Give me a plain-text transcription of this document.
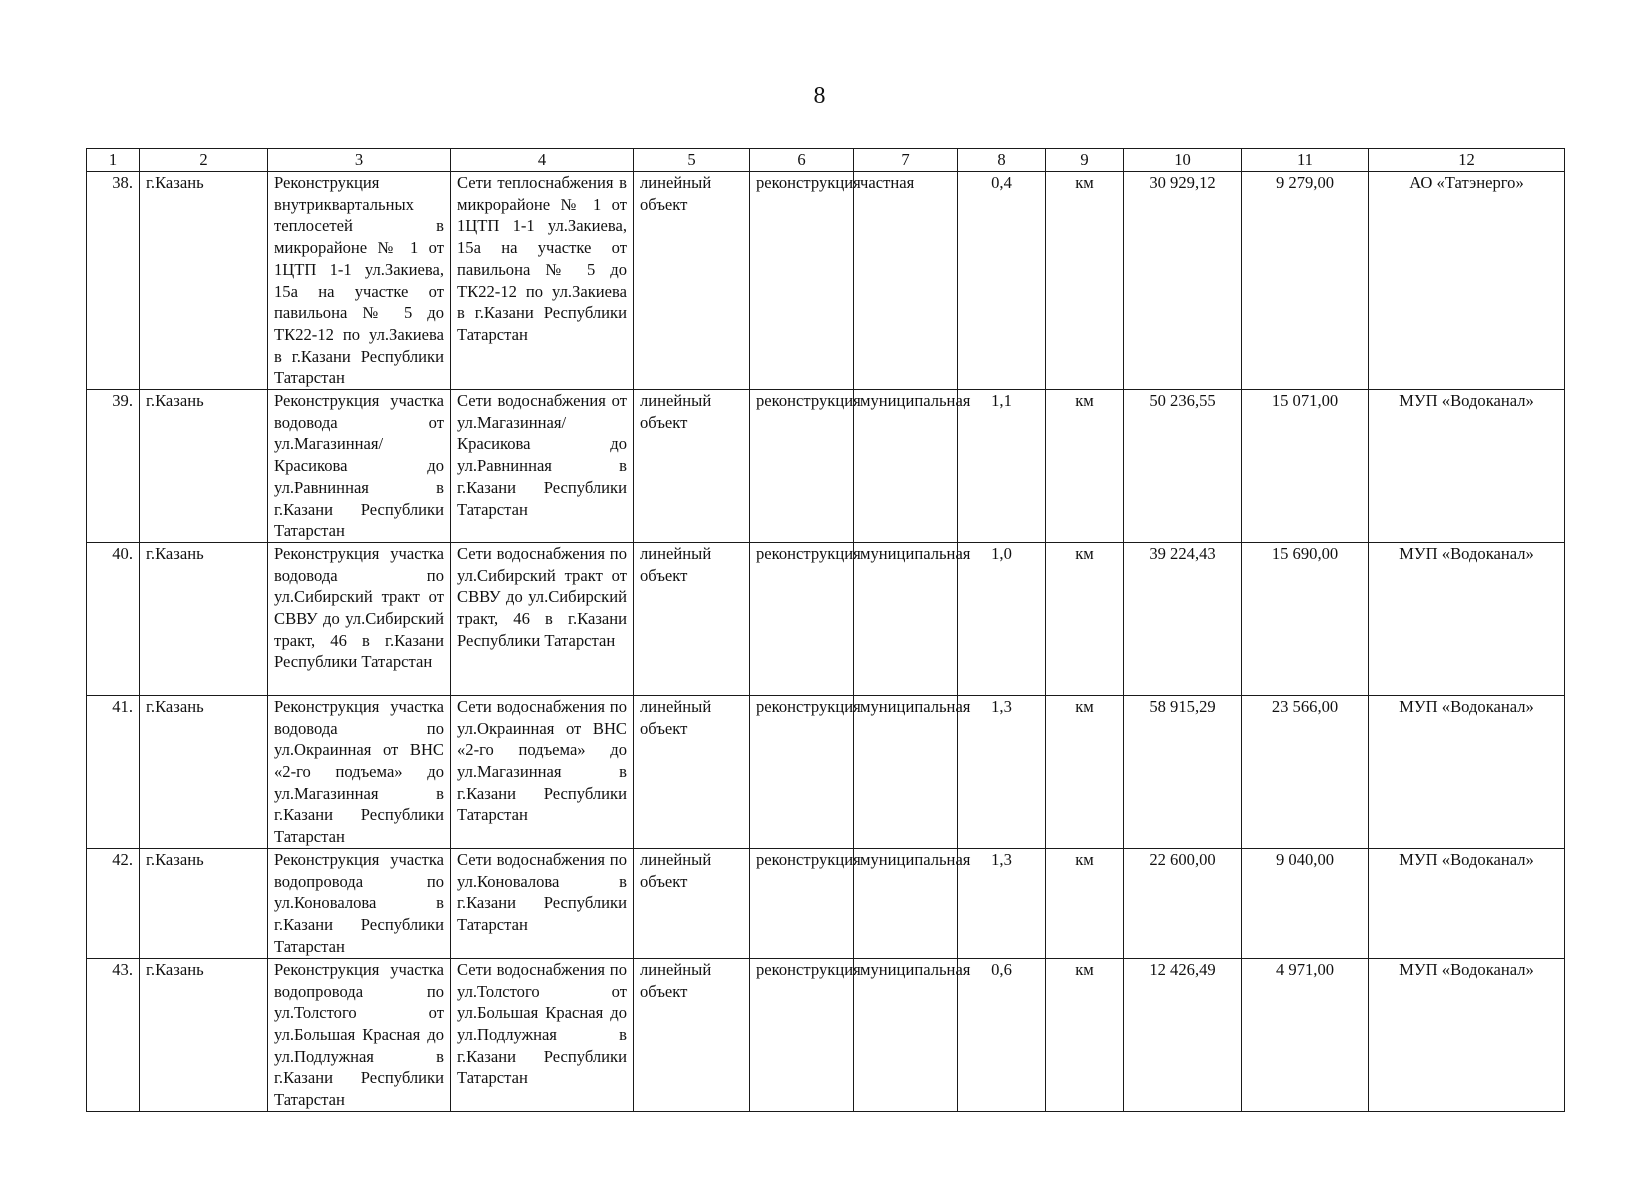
8
1	2	3	4	5	6	7	8	9	10	11	12
38.	г.Казань	Реконструкция внутриквартальных теплосетей в микрорайоне № 1 от 1ЦТП 1-1 ул.Закиева, 15а на участке от павильона № 5 до ТК22-12 по ул.Закиева в г.Казани Республики Татарстан	Сети теплоснабжения в микрорайоне № 1 от 1ЦТП 1-1 ул.Закиева, 15а на участке от павильона № 5 до ТК22-12 по ул.Закиева в г.Казани Республики Татарстан	линейный объект	реконструкция	частная	0,4	км	30 929,12	9 279,00	АО «Татэнерго»
39.	г.Казань	Реконструкция участка водовода от ул.Магазинная/Красикова до ул.Равнинная в г.Казани Республики Татарстан	Сети водоснабжения от ул.Магазинная/ Красикова до ул.Равнинная в г.Казани Республики Татарстан	линейный объект	реконструкция	муниципальная	1,1	км	50 236,55	15 071,00	МУП «Водоканал»
40.	г.Казань	Реконструкция участка водовода по ул.Сибирский тракт от СВВУ до ул.Сибирский тракт, 46 в г.Казани Республики Татарстан	Сети водоснабжения по ул.Сибирский тракт от СВВУ до ул.Сибирский тракт, 46 в г.Казани Республики Татарстан	линейный объект	реконструкция	муниципальная	1,0	км	39 224,43	15 690,00	МУП «Водоканал»
41.	г.Казань	Реконструкция участка водовода по ул.Окраинная от ВНС «2-го подъема» до ул.Магазинная в г.Казани Республики Татарстан	Сети водоснабжения по ул.Окраинная от ВНС «2-го подъема» до ул.Магазинная в г.Казани Республики Татарстан	линейный объект	реконструкция	муниципальная	1,3	км	58 915,29	23 566,00	МУП «Водоканал»
42.	г.Казань	Реконструкция участка водопровода по ул.Коновалова в г.Казани Республики Татарстан	Сети водоснабжения по ул.Коновалова в г.Казани Республики Татарстан	линейный объект	реконструкция	муниципальная	1,3	км	22 600,00	9 040,00	МУП «Водоканал»
43.	г.Казань	Реконструкция участка водопровода по ул.Толстого от ул.Большая Красная до ул.Подлужная в г.Казани Республики Татарстан	Сети водоснабжения по ул.Толстого от ул.Большая Красная до ул.Подлужная в г.Казани Республики Татарстан	линейный объект	реконструкция	муниципальная	0,6	км	12 426,49	4 971,00	МУП «Водоканал»
